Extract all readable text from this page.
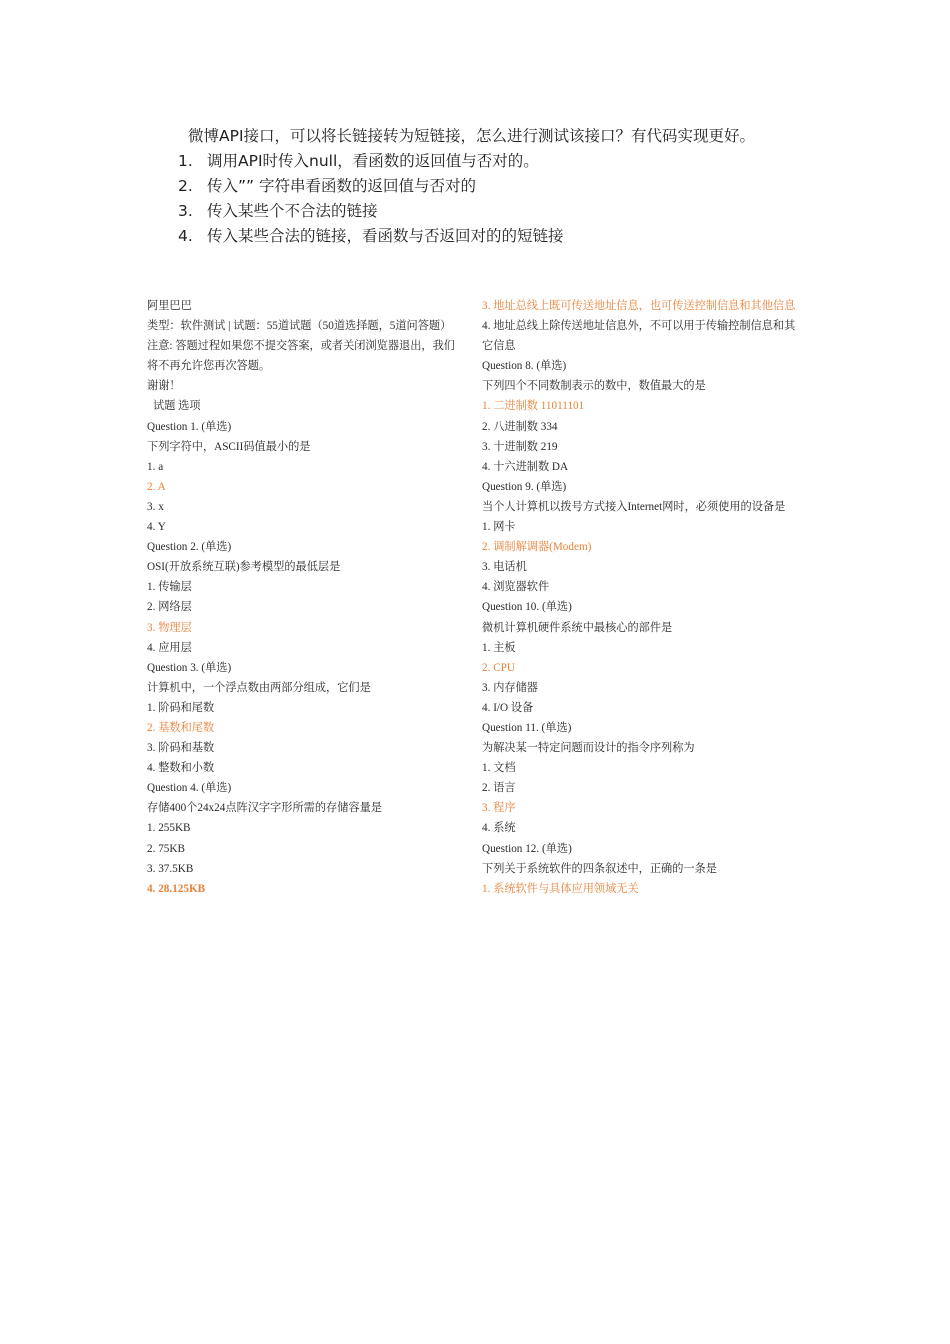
微博API接口，可以将长链接转为短链接，怎么进行测试该接口？有代码实现更好。
1. 调用API时传入null，看函数的返回值与否对的。
2. 传入”” 字符串看函数的返回值与否对的
3. 传入某些个不合法的链接
4. 传入某些合法的链接，看函数与否返回对的的短链接
阿里巴巴
类型：软件测试 | 试题：55道试题（50道选择题，5道问答题）
注意: 答题过程如果您不提交答案，或者关闭浏览器退出，我们
将不再允许您再次答题。
谢谢！
试题 选项
Question 1. (单选)
下列字符中，ASCII码值最小的是
1. a
2. A
3. x
4. Y
Question 2. (单选)
OSI(开放系统互联)参考模型的最低层是
1. 传输层
2. 网络层
3. 物理层
4. 应用层
Question 3. (单选)
计算机中，一个浮点数由两部分组成，它们是
1. 阶码和尾数
2. 基数和尾数
3. 阶码和基数
4. 整数和小数
Question 4. (单选)
存储400个24x24点阵汉字字形所需的存储容量是
1. 255KB
2. 75KB
3. 37.5KB
4. 28.125KB
3. 地址总线上既可传送地址信息，也可传送控制信息和其他信息
4. 地址总线上除传送地址信息外，不可以用于传输控制信息和其
它信息
Question 8. (单选)
下列四个不同数制表示的数中，数值最大的是
1. 二进制数 11011101
2. 八进制数 334
3. 十进制数 219
4. 十六进制数 DA
Question 9. (单选)
当个人计算机以拨号方式接入Internet网时，必须使用的设备是
1. 网卡
2. 调制解调器(Modem)
3. 电话机
4. 浏览器软件
Question 10. (单选)
微机计算机硬件系统中最核心的部件是
1. 主板
2. CPU
3. 内存储器
4. I/O 设备
Question 11. (单选)
为解决某一特定问题而设计的指令序列称为
1. 文档
2. 语言
3. 程序
4. 系统
Question 12. (单选)
下列关于系统软件的四条叙述中，正确的一条是
1. 系统软件与具体应用领域无关
